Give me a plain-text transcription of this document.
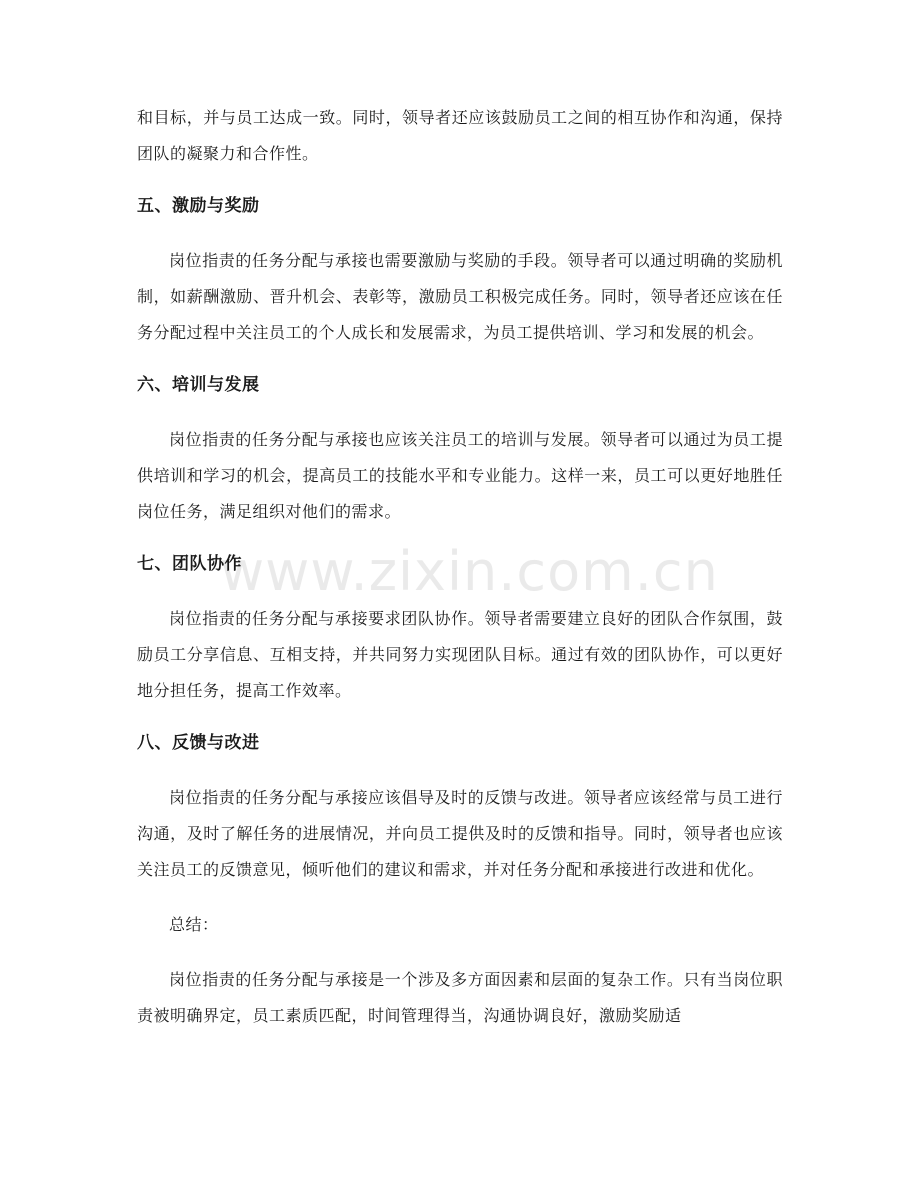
www.zixin.com.cn

和目标，并与员工达成一致。同时，领导者还应该鼓励员工之间的相互协作和沟通，保持团队的凝聚力和合作性。

五、激励与奖励

岗位指责的任务分配与承接也需要激励与奖励的手段。领导者可以通过明确的奖励机制，如薪酬激励、晋升机会、表彰等，激励员工积极完成任务。同时，领导者还应该在任务分配过程中关注员工的个人成长和发展需求，为员工提供培训、学习和发展的机会。

六、培训与发展

岗位指责的任务分配与承接也应该关注员工的培训与发展。领导者可以通过为员工提供培训和学习的机会，提高员工的技能水平和专业能力。这样一来，员工可以更好地胜任岗位任务，满足组织对他们的需求。

七、团队协作

岗位指责的任务分配与承接要求团队协作。领导者需要建立良好的团队合作氛围，鼓励员工分享信息、互相支持，并共同努力实现团队目标。通过有效的团队协作，可以更好地分担任务，提高工作效率。

八、反馈与改进

岗位指责的任务分配与承接应该倡导及时的反馈与改进。领导者应该经常与员工进行沟通，及时了解任务的进展情况，并向员工提供及时的反馈和指导。同时，领导者也应该关注员工的反馈意见，倾听他们的建议和需求，并对任务分配和承接进行改进和优化。

总结：

岗位指责的任务分配与承接是一个涉及多方面因素和层面的复杂工作。只有当岗位职责被明确界定，员工素质匹配，时间管理得当，沟通协调良好，激励奖励适
